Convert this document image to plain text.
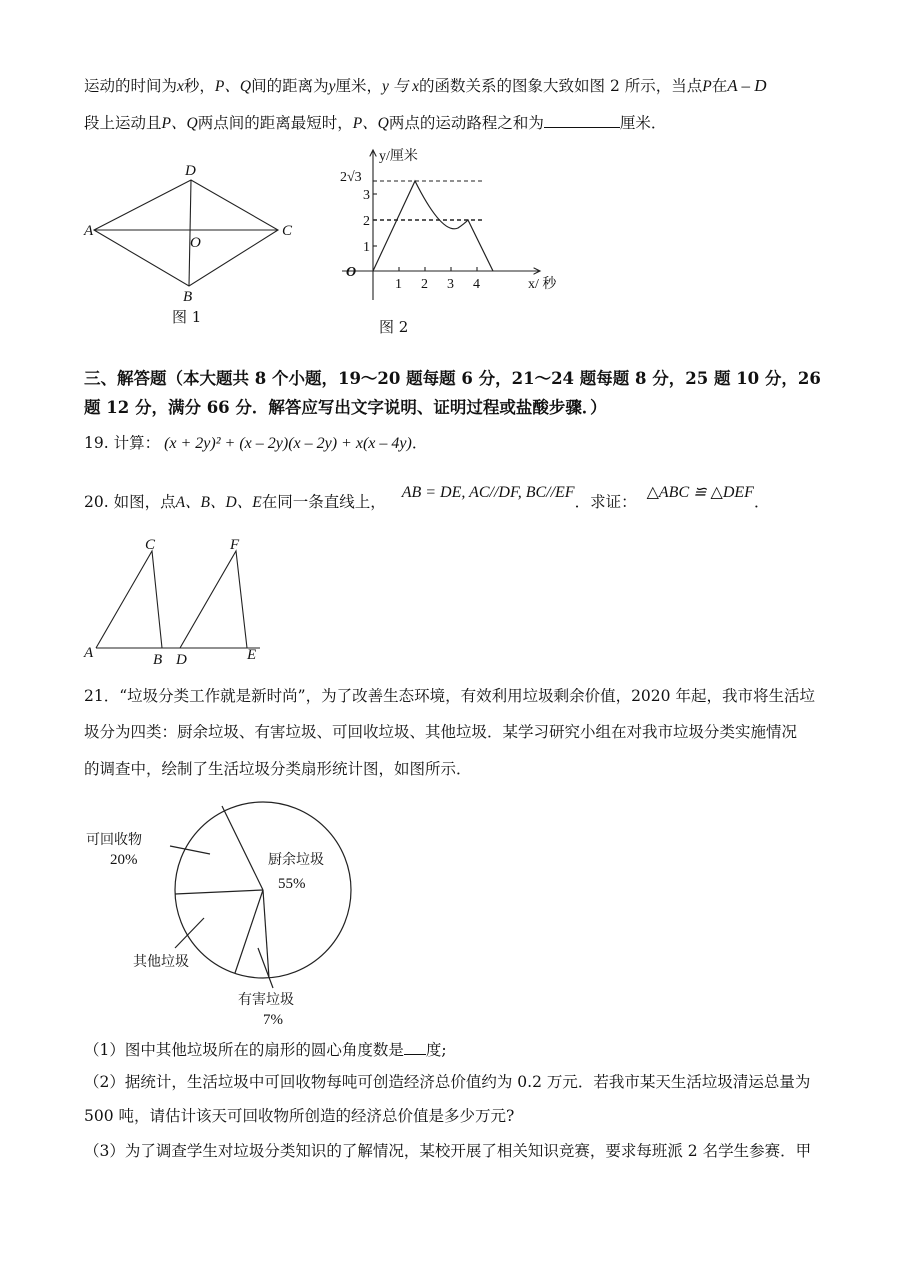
运动的时间为x秒，P、Q间的距离为y厘米，y 与 x的函数关系的图象大致如图 2 所示，当点P在A – D
段上运动且P、Q两点间的距离最短时，P、Q两点的运动路程之和为	厘米．
A
D
C
B
O
图 1
O
1
2
3
2√3
1 2 3 4
y/厘米
x/ 秒
图 2
三、解答题（本大题共 8 个小题，19～20 题每题 6 分，21～24 题每题 8 分，25 题 10 分，26
题 12 分，满分 66 分．解答应写出文字说明、证明过程或盐酸步骤．）
19. 计算： (x + 2y)² + (x – 2y)(x – 2y) + x(x – 4y)．
20. 如图，点A、B、D、E在同一条直线上，AB = DE, AC//DF, BC//EF．求证：△ABC ≌ △DEF．
A
C
B D
F
E
21．“垃圾分类工作就是新时尚”，为了改善生态环境，有效利用垃圾剩余价值，2020 年起，我市将生活垃
圾分为四类：厨余垃圾、有害垃圾、可回收垃圾、其他垃圾．某学习研究小组在对我市垃圾分类实施情况
的调查中，绘制了生活垃圾分类扇形统计图，如图所示．
可回收物
20%	厨余垃圾
55%
其他垃圾
有害垃圾
7%
（1）图中其他垃圾所在的扇形的圆心角度数是 度;
（2）据统计，生活垃圾中可回收物每吨可创造经济总价值约为 0.2 万元．若我市某天生活垃圾清运总量为
500 吨，请估计该天可回收物所创造的经济总价值是多少万元?
（3）为了调查学生对垃圾分类知识的了解情况，某校开展了相关知识竞赛，要求每班派 2 名学生参赛．甲
